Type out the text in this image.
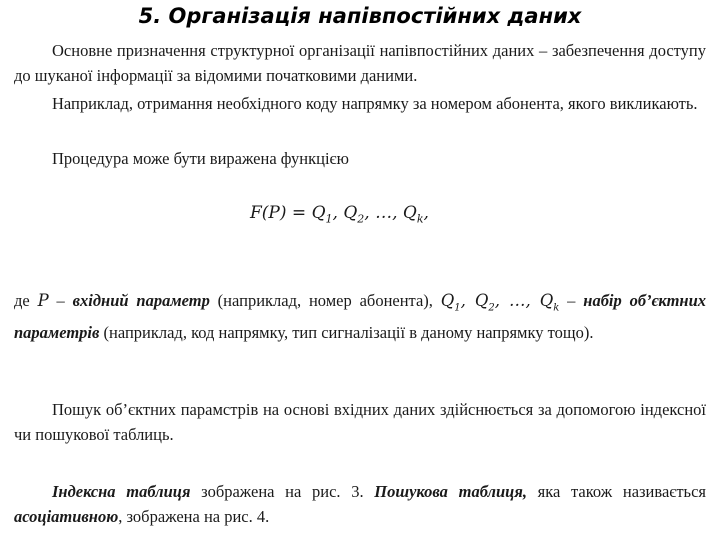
5. Організація напівпостійних даних
Основне призначення структурної організації напівпостійних даних – забезпечення доступу до шуканої інформації за відомими початковими даними.
Наприклад, отримання необхідного коду напрямку за номером абонента, якого викликають.
Процедура може бути виражена функцією
$F(P) = Q_1$, $Q_2$, …, $Q_k$,
де P – вхідний параметр (наприклад, номер абонента), $Q_1$, $Q_2$, …, $Q_k$ – набір об’єктних параметрів (наприклад, код напрямку, тип сигналізації в даному напрямку тощо).
Пошук об’єктних парамстрів на основі вхідних даних здійснюється за допомогою індексної чи пошукової таблиць.
Індексна таблиця зображена на рис. 3. Пошукова таблиця, яка також називається асоціативною, зображена на рис. 4.
